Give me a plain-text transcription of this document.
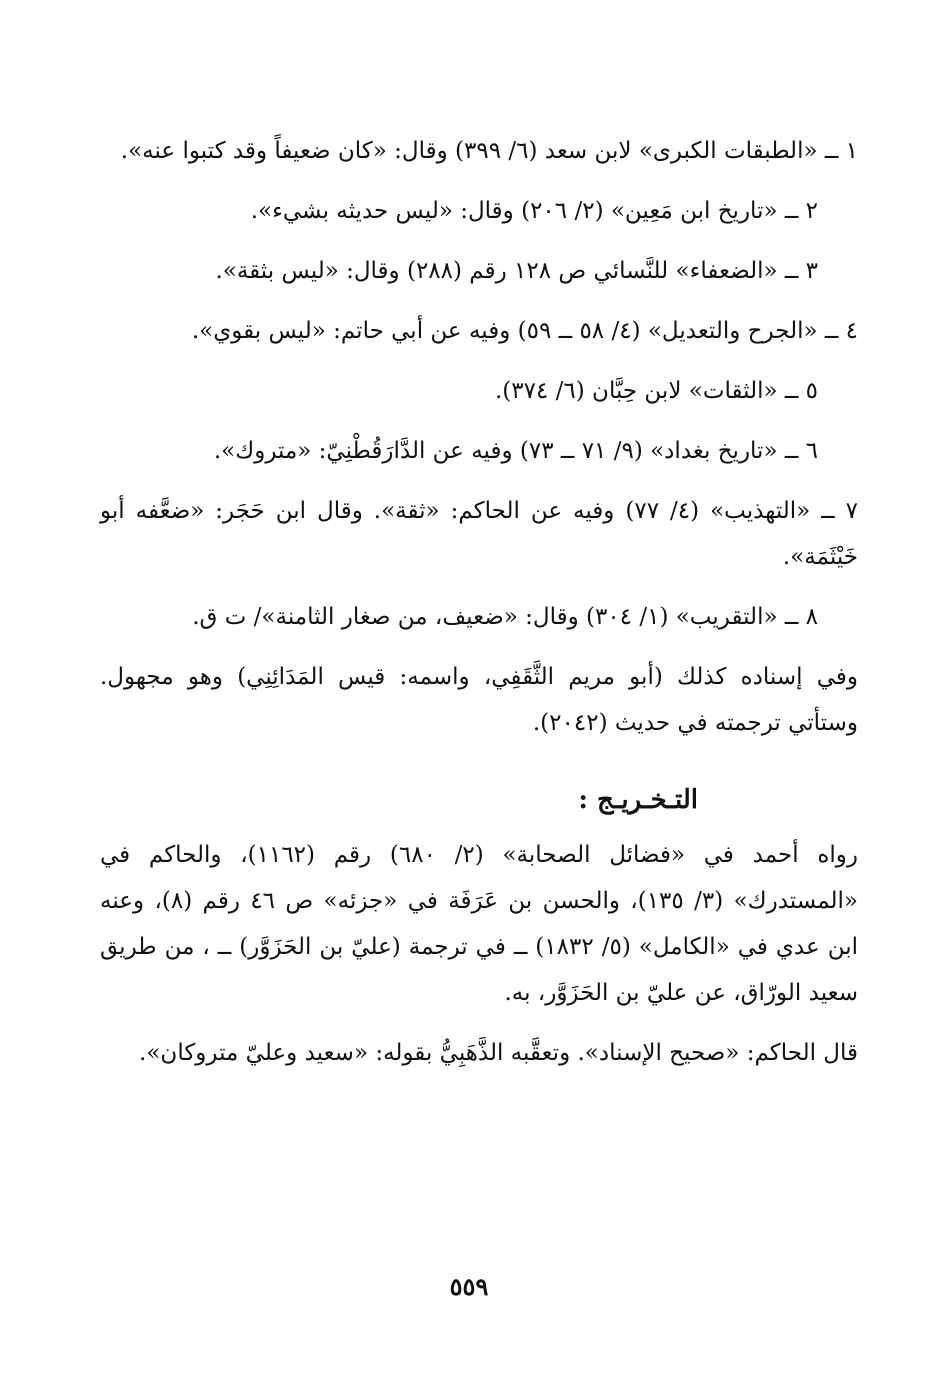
١ ــ «الطبقات الكبرى» لابن سعد (٦/ ٣٩٩) وقال: «كان ضعيفاً وقد كتبوا عنه».

٢ ــ «تاريخ ابن مَعِين» (٢/ ٢٠٦) وقال: «ليس حديثه بشيء».

٣ ــ «الضعفاء» للنَّسائي ص ١٢٨ رقم (٢٨٨) وقال: «ليس بثقة».

٤ ــ «الجرح والتعديل» (٤/ ٥٨ ــ ٥٩) وفيه عن أبي حاتم: «ليس بقوي».

٥ ــ «الثقات» لابن حِبَّان (٦/ ٣٧٤).

٦ ــ «تاريخ بغداد» (٩/ ٧١ ــ ٧٣) وفيه عن الدَّارَقُطْنِيّ: «متروك».

٧ ــ «التهذيب» (٤/ ٧٧) وفيه عن الحاكم: «ثقة». وقال ابن حَجَر: «ضعَّفه أبو خَيْثَمَة».

٨ ــ «التقريب» (١/ ٣٠٤) وقال: «ضعيف، من صغار الثامنة»/ ت ق.

وفي إسناده كذلك (أبو مريم الثَّقَفِي، واسمه: قيس المَدَائِنِي) وهو مجهول. وستأتي ترجمته في حديث (٢٠٤٢).

التـخـريـج :

رواه أحمد في «فضائل الصحابة» (٢/ ٦٨٠) رقم (١١٦٢)، والحاكم في «المستدرك» (٣/ ١٣٥)، والحسن بن عَرَفَة في «جزئه» ص ٤٦ رقم (٨)، وعنه ابن عدي في «الكامل» (٥/ ١٨٣٢) ــ في ترجمة (عليّ بن الحَزَوَّر) ــ ، من طريق سعيد الورّاق، عن عليّ بن الحَزَوَّر، به.

قال الحاكم: «صحيح الإسناد». وتعقَّبه الذَّهَبِيُّ بقوله: «سعيد وعليّ متروكان».

٥٥٩
